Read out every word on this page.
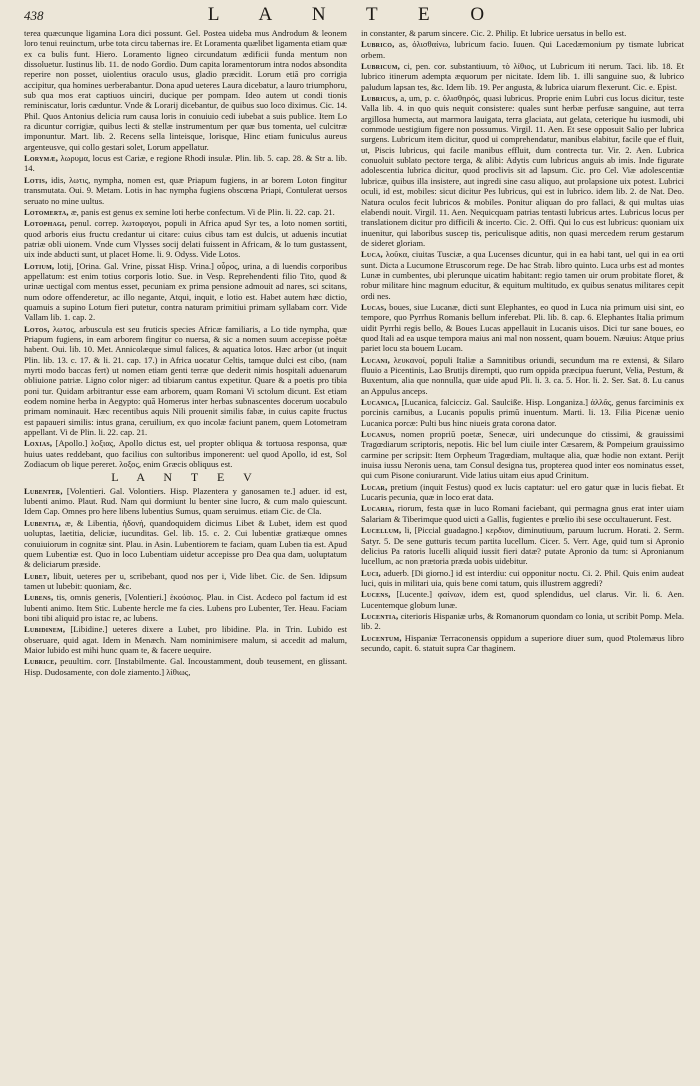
438	L A N T E O

terea quæcunque ligamina Lora dici possunt. Gel. Postea uideba mus Androdum & leonem loro tenui reuinctum, urbe tota circu tabernas ire. Et Loramenta quælibet ligamenta etiam quæ ex ca bulis funt. Hiero. Loramento ligneo circundatum ædificii funda mentum non dissoluetur. Iustinus lib. 11. de nodo Gordio. Dum capita loramentorum intra nodos absondita reperire non posset, uiolentius oraculo usus, gladio præcidit. Lorum etiā pro corrigia accipitur, qua homines uerberabantur. Dona apud ueteres Laura dicebatur, a lauro triumphoru, sub qua mos erat captiuos uinciri, ducique per pompam. Ideo autem ut condi tionis reminiscatur, loris cæduntur. Vnde & Lorarij dicebantur, de quibus suo loco diximus. Cic. 14. Phil. Quos Antonius delicia rum causa loris in conuiuio cedi iubebat a suis publice. Item Lo ra dicuntur corrigiæ, quibus lecti & stellæ instrumentum per quæ bus tomenta, uel culcitræ imponuntur. Mart. lib. 2. Recens sella linteisque, lorisque, Hinc etiam funiculus aureus argenteusve, qui collo gestari solet, Lorum appellatur.

Lorymæ, λωρυμα, locus est Cariæ, e regione Rhodi insulæ. Plin. lib. 5. cap. 28. & Str a. lib. 14.

Lotis, idis, λωτις, nympha, nomen est, quæ Priapum fugiens, in ar borem Loton fingitur transmutata. Oui. 9. Metam. Lotis in hac nympha fugiens obscœna Priapi, Contulerat uersos seruato no mine uultus.

Lotomerta, æ, panis est genus ex semine loti herbe confectum. Vi de Plin. li. 22. cap. 21.

Lotophagi, penul. correp. λωτοφαγοι, populi in Africa apud Syr tes, a loto nomen sortiti, quod arboris eius fructu credantur ui citare: cuius cibus tam est dulcis, ut aduenis incutiat patriæ obli uionem. Vnde cum Vlysses socij delati fuissent in Africam, & lo tum gustassent, uix inde abducti sunt, ut placet Home. li. 9. Odyss. Vide Lotos.

Lotium, lotij, [Orina. Gal. Vrine, pissat Hisp. Vrina.] οὖρος, urina, a di luendis corporibus appellatum: est enim totius corporis lotio. Sue. in Vesp. Reprehendenti filio Tito, quod & urinæ uectigal com mentus esset, pecuniam ex prima pensione admouit ad nares, sci scitans, num odore offenderetur, ac illo negante, Atqui, inquit, e lotio est. Habet autem hæc dictio, quamuis a supino Lotum fieri putetur, contra naturam primitiui primam syllabam corr. Vide Vallam lib. 1. cap. 2.

Lotos, λωτος, arbuscula est seu fruticis species Africæ familiaris, a Lo tide nympha, quæ Priapum fugiens, in eam arborem fingitur co nuersa, & sic a nomen suum accepisse poëtæ habent. Oui. lib. 10. Met. Annicolæque simul falices, & aquatica lotos. Hæc arbor (ut inquit Plin. lib. 13. c. 17. & li. 21. cap. 17.) in Africa uocatur Celtis, tamque dulci est cibo, (nam myrti modo baccas fert) ut nomen etiam genti terræ que dederit nimis hospitali aduenarum obliuione patriæ. Ligno color niger: ad tibiarum cantus expetitur. Quare & a poetis pro tibia poni tur. Quidam arbitrantur esse eam arborem, quam Romani Vi sctolum dicunt. Est etiam eodem nomine herba in Aegypto: quā Homerus inter herbas subnascentes docerum uocabulo primam nominauit. Hæc recentibus aquis Nili prouenit similis fabæ, in cuius capite fructus est papaueri similis: intus grana, ceruilium, ex quo incolæ faciunt panem, quem Lotometram appellant. Vi de Plin. li. 22. cap. 21.

Loxias, [Apollo.] λοξιας, Apollo dictus est, uel propter obliqua & tortuosa responsa, quæ huius uates reddebant, quo facilius con sultoribus imponerent: uel quod Apollo, id est, Sol Zodiacum ob lique pereret. λοξος, enim Græcis obliquus est.

L A N T E V

Lubenter, [Volentieri. Gal. Volontiers. Hisp. Plazentera y ganosamen te.] aduer. id est, lubenti animo. Plaut. Rud. Nam qui dormiunt lu benter sine lucro, & cum malo quiescunt. Idem Cap. Omnes pro here libens lubentius Sumus, quam seruimus. etiam Cic. de Cla.

Lubentia, æ, & Libentia, ἡδονή, quandoquidem dicimus Libet & Lubet, idem est quod uoluptas, laetitia, deliciæ, iucunditas. Gel. lib. 15. c. 2. Cui lubentiæ gratiæque omnes conuiuiorum in cognitæ sint. Plau. in Asin. Lubentiorem te faciam, quam Luben tia est. Apud quem Lubentiæ est. Quo in loco Lubentiam uidetur accepisse pro Dea qua dam, uoluptatum & deliciarum præside.

Lubet, libuit, ueteres per u, scribebant, quod nos per i, Vide libet. Cic. de Sen. Idipsum tamen ut lubebit: quoniam, &c.

Lubens, tis, omnis generis, [Volentieri.] ἑκούσιος. Plau. in Cist. Acdeco pol factum id est lubenti animo. Item Stic. Lubente hercle me fa cies. Lubens pro Lubenter, Ter. Heau. Faciam boni tibi aliquid pro istac re, ac lubens.

Lubidinem, [Libidine.] ueteres dixere a Lubet, pro libidine. Pla. in Trin. Lubido est obseruare, quid agat. Idem in Menæch. Nam nominimisere malum, si accedit ad malum, Maior lubido est mihi hunc quam te, & facere uequire.

Lubrice, peuultim. corr. [Instabilmente. Gal. Incoustamment, doub teusement, en glissant. Hisp. Dudosamente, con dole ziamento.] λίθιως,

in constanter, & parum sincere. Cic. 2. Philip. Et lubrice uersatus in bello est.

Lubrico, as, ὀλισθαίνω, lubricum facio. Iuuen. Qui Lacedæmonium py tismate lubricat orbem.

Lubricum, ci, pen. cor. substantiuum, τὸ λίθιος, ut Lubricum iti nerum. Taci. lib. 18. Et lubrico itinerum adempta æquorum per nicitate. Idem lib. 1. illi sanguine suo, & lubrico paludum lapsan tes, &c. Idem lib. 19. Per angusta, & lubrica uiarum flexerunt. Cic. e. Epist.

Lubricus, a, um, p. c. ὀλισθηρός, quasi lubricus. Proprie enim Lubri cus locus dicitur, teste Valla lib. 4. in quo quis nequit consistere: quales sunt herbæ perfusæ sanguine, aut terra argillosa humecta, aut marmora lauigata, terra glaciata, aut gelata, ceterique hu iusmodi, ubi commode uestigium figere non possumus. Virgil. 11. Aen. Et sese opposuit Salio per lubrica surgens. Lubricum item dicitur, quod ui comprehendatur, manibus elabitur, facile que ef fluit, ut, Piscis lubricus, qui facile manibus effluit, dum contrecta tur. Vir. 2. Aen. Lubrica conuoluit sublato pectore terga, & alibi: Adytis cum lubricus anguis ab imis. Inde figurate adolescentia lubrica dicitur, quod proclivis sit ad lapsum. Cic. pro Cel. Viæ adolescentiæ lubricæ, quibus illa insistere, aut ingredi sine casu aliquo, aut prolapsione uix potest. Lubrici oculi, id est, mobiles: sicut dicitur Pes lubricus, qui est in lubrico. idem lib. 2. de Nat. Deo. Natura oculos fecit lubricos & mobiles. Ponitur aliquan do pro fallaci, & qui multas uias elabendi nouit. Virgil. 11. Aen. Nequicquam patrias tentasti lubricus artes. Lubricus locus per translationem dicitur pro difficili & incerto. Cic. 2. Offi. Qui lo cus est lubricus: quoniam uix inuenitur, qui laboribus suscep tis, periculisque aditis, non quasi mercedem rerum gestarum de sideret gloriam.

Luca, λοῦκα, ciuitas Tusciæ, a qua Lucenses dicuntur, qui in ea habi tant, uel qui in ea orti sunt. Dicta a Lucumone Etruscorum rege. De hac Strab. libro quinto. Luca urbs est ad montes Lunæ in cumbentes, ubi plerunque uicatim habitant: regio tamen uir orum probitate floret, & robur militare hinc magnum educitur, & equitum multitudo, ex quibus senatus militares cepit ordi nes.

Lucas, boues, siue Lucanæ, dicti sunt Elephantes, eo quod in Luca nia primum uisi sint, eo tempore, quo Pyrrhus Romanis bellum inferebat. Pli. lib. 8. cap. 6. Elephantes Italia primum uidit Pyrrhi regis bello, & Boues Lucas appellauit in Lucanis uisos. Dici tur sane boues, eo quod Itali ad ea usque tempora maius ani mal non nossent, quam bouem. Næuius: Atque prius pariet locu sta bouem Lucam.

Lucani, λευκανοί, populi Italiæ a Samnitibus oriundi, secundum ma re extensi, & Silaro fluuio a Picentinis, Lao Brutijs dirempti, quo rum oppida præcipua fuerunt, Velia, Pestum, & Buxentum, alia que nonnulla, quæ uide apud Pli. li. 3. ca. 5. Hor. li. 2. Ser. Sat. 8. Lu canus an Appulus anceps.

Lucanica, [Lucanica, falcicciz. Gal. Saulciße. Hisp. Longaniza.] ἀλλᾶς, genus farciminis ex porcinis carnibus, a Lucanis populis primū inuentum. Marti. li. 13. Filia Picenæ uenio Lucanica porcæ: Pulti bus hinc niueis grata corona dator.

Lucanus, nomen propriū poetæ, Senecæ, uiri undecunque do ctissimi, & grauissimi Tragœdiarum scriptoris, nepotis. Hic bel lum ciuile inter Cæsarem, & Pompeium grauissimo carmine per scripsit: Item Orpheum Tragœdiam, multaque alia, quæ hodie non extant. Perijt inuisa iussu Neronis uena, tam Consul designa tus, propterea quod inter eos nominatus esset, qui cum Pisone coniurarunt. Vide latius uitam eius apud Crinitum.

Lucar, pretium (inquit Festus) quod ex lucis captatur: uel ero gatur quæ in lucis fiebat. Et Lucaris pecunia, quæ in loco erat data.

Lucaria, riorum, festa quæ in luco Romani faciebant, qui permagna gnus erat inter uiam Salariam & Tiberimque quod uicti a Gallis, fugientes e prœlio ibi sese occultauerunt. Fest.

Lucellum, li, [Piccial guadagno.] κερδιον, diminutiuum, paruum lucrum. Horati. 2. Serm. Satyr. 5. De sene gutturis tecum partita lucellum. Cicer. 5. Verr. Age, quid tum si Apronio delicius Pa ratoris lucelli aliquid iussit fieri datæ? putate Apronio da tum: si Apronianum lucellum, ac non prætoria præda uobis uidebitur.

Luci, aduerb. [Di giorno.] id est interdiu: cui opponitur noctu. Ci. 2. Phil. Quis enim audeat luci, quis in militari uia, quis bene comi tatum, quis illustrem aggredi?

Lucens, [Lucente.] φαίνων, idem est, quod splendidus, uel clarus. Vir. li. 6. Aen. Lucentemque globum lunæ.

Lucentia, citerioris Hispaniæ urbs, & Romanorum quondam co lonia, ut scribit Pomp. Mela. lib. 2.

Lucentum, Hispaniæ Terraconensis oppidum a superiore diuer sum, quod Ptolemæus libro secundo, capit. 6. statuit supra Car thaginem.
